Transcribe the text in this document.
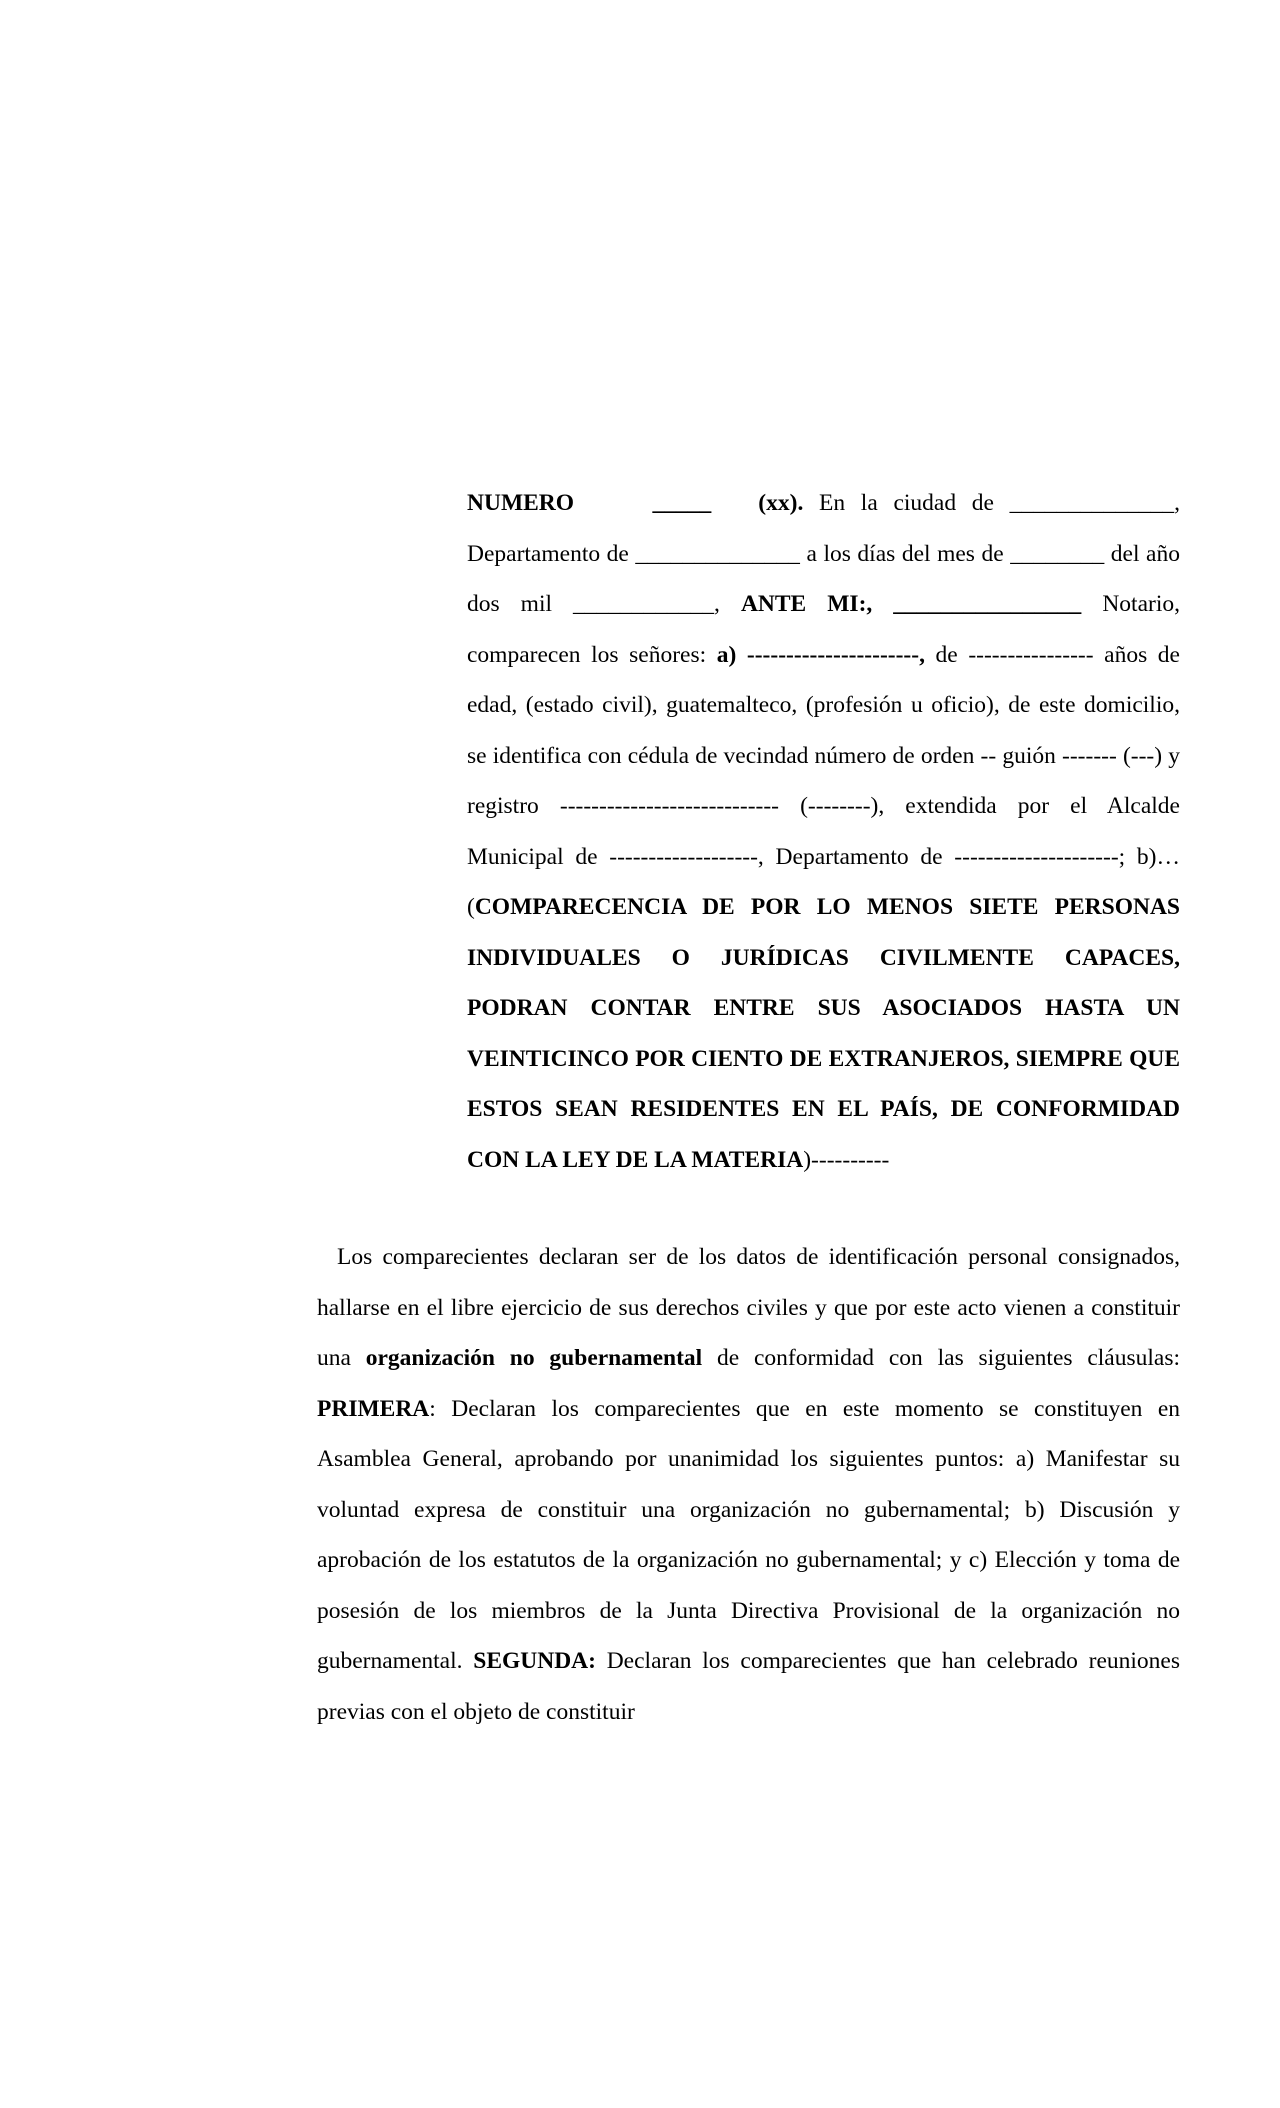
NUMERO	_____ (xx). En la ciudad de ______________, Departamento de ______________ a los días del mes de ________ del año dos mil ____________, ANTE MI:, ________________ Notario, comparecen los señores: a) ----------------------, de ---------------- años de edad, (estado civil), guatemalteco, (profesión u oficio), de este domicilio, se identifica con cédula de vecindad número de orden -- guión ------- (---) y registro ---------------------------- (--------), extendida por el Alcalde Municipal de -------------------, Departamento de ---------------------; b)… (COMPARECENCIA DE POR LO MENOS SIETE PERSONAS INDIVIDUALES O JURÍDICAS CIVILMENTE CAPACES, PODRAN CONTAR ENTRE SUS ASOCIADOS HASTA UN VEINTICINCO POR CIENTO DE EXTRANJEROS, SIEMPRE QUE ESTOS SEAN RESIDENTES EN EL PAÍS, DE CONFORMIDAD CON LA LEY DE LA MATERIA)----------

Los comparecientes declaran ser de los datos de identificación personal consignados, hallarse en el libre ejercicio de sus derechos civiles y que por este acto vienen a constituir una organización no gubernamental de conformidad con las siguientes cláusulas: PRIMERA: Declaran los comparecientes que en este momento se constituyen en Asamblea General, aprobando por unanimidad los siguientes puntos: a) Manifestar su voluntad expresa de constituir una organización no gubernamental; b) Discusión y aprobación de los estatutos de la organización no gubernamental; y c) Elección y toma de posesión de los miembros de la Junta Directiva Provisional de la organización no gubernamental. SEGUNDA: Declaran los comparecientes que han celebrado reuniones previas con el objeto de constituir
